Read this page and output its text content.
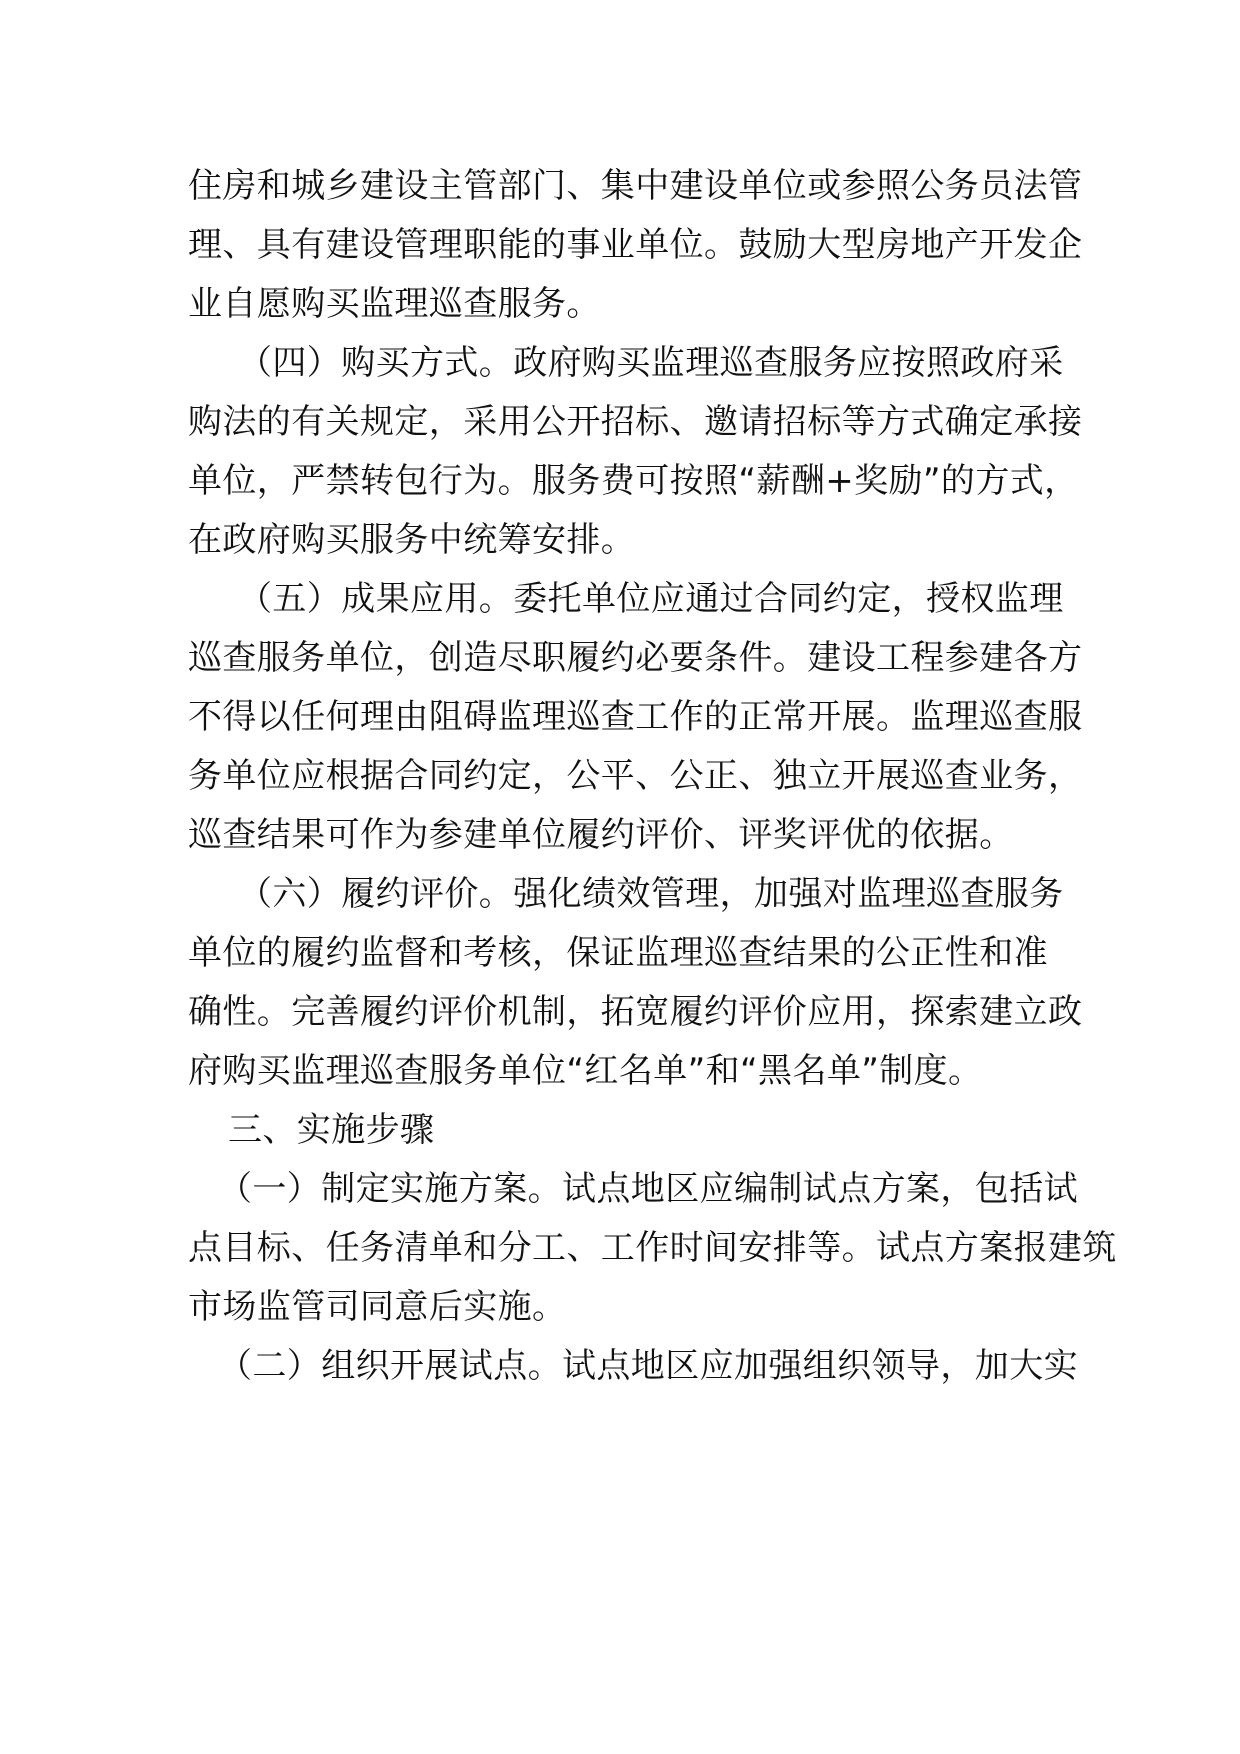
住房和城乡建设主管部门、集中建设单位或参照公务员法管
理、具有建设管理职能的事业单位。鼓励大型房地产开发企
业自愿购买监理巡查服务。
（四）购买方式。政府购买监理巡查服务应按照政府采
购法的有关规定，采用公开招标、邀请招标等方式确定承接
单位，严禁转包行为。服务费可按照“薪酬+奖励”的方式，
在政府购买服务中统筹安排。
（五）成果应用。委托单位应通过合同约定，授权监理
巡查服务单位，创造尽职履约必要条件。建设工程参建各方
不得以任何理由阻碍监理巡查工作的正常开展。监理巡查服
务单位应根据合同约定，公平、公正、独立开展巡查业务，
巡查结果可作为参建单位履约评价、评奖评优的依据。
（六）履约评价。强化绩效管理，加强对监理巡查服务
单位的履约监督和考核，保证监理巡查结果的公正性和准
确性。完善履约评价机制，拓宽履约评价应用，探索建立政
府购买监理巡查服务单位“红名单”和“黑名单”制度。
三、实施步骤
（一）制定实施方案。试点地区应编制试点方案，包括试
点目标、任务清单和分工、工作时间安排等。试点方案报建筑
市场监管司同意后实施。
（二）组织开展试点。试点地区应加强组织领导，加大实
